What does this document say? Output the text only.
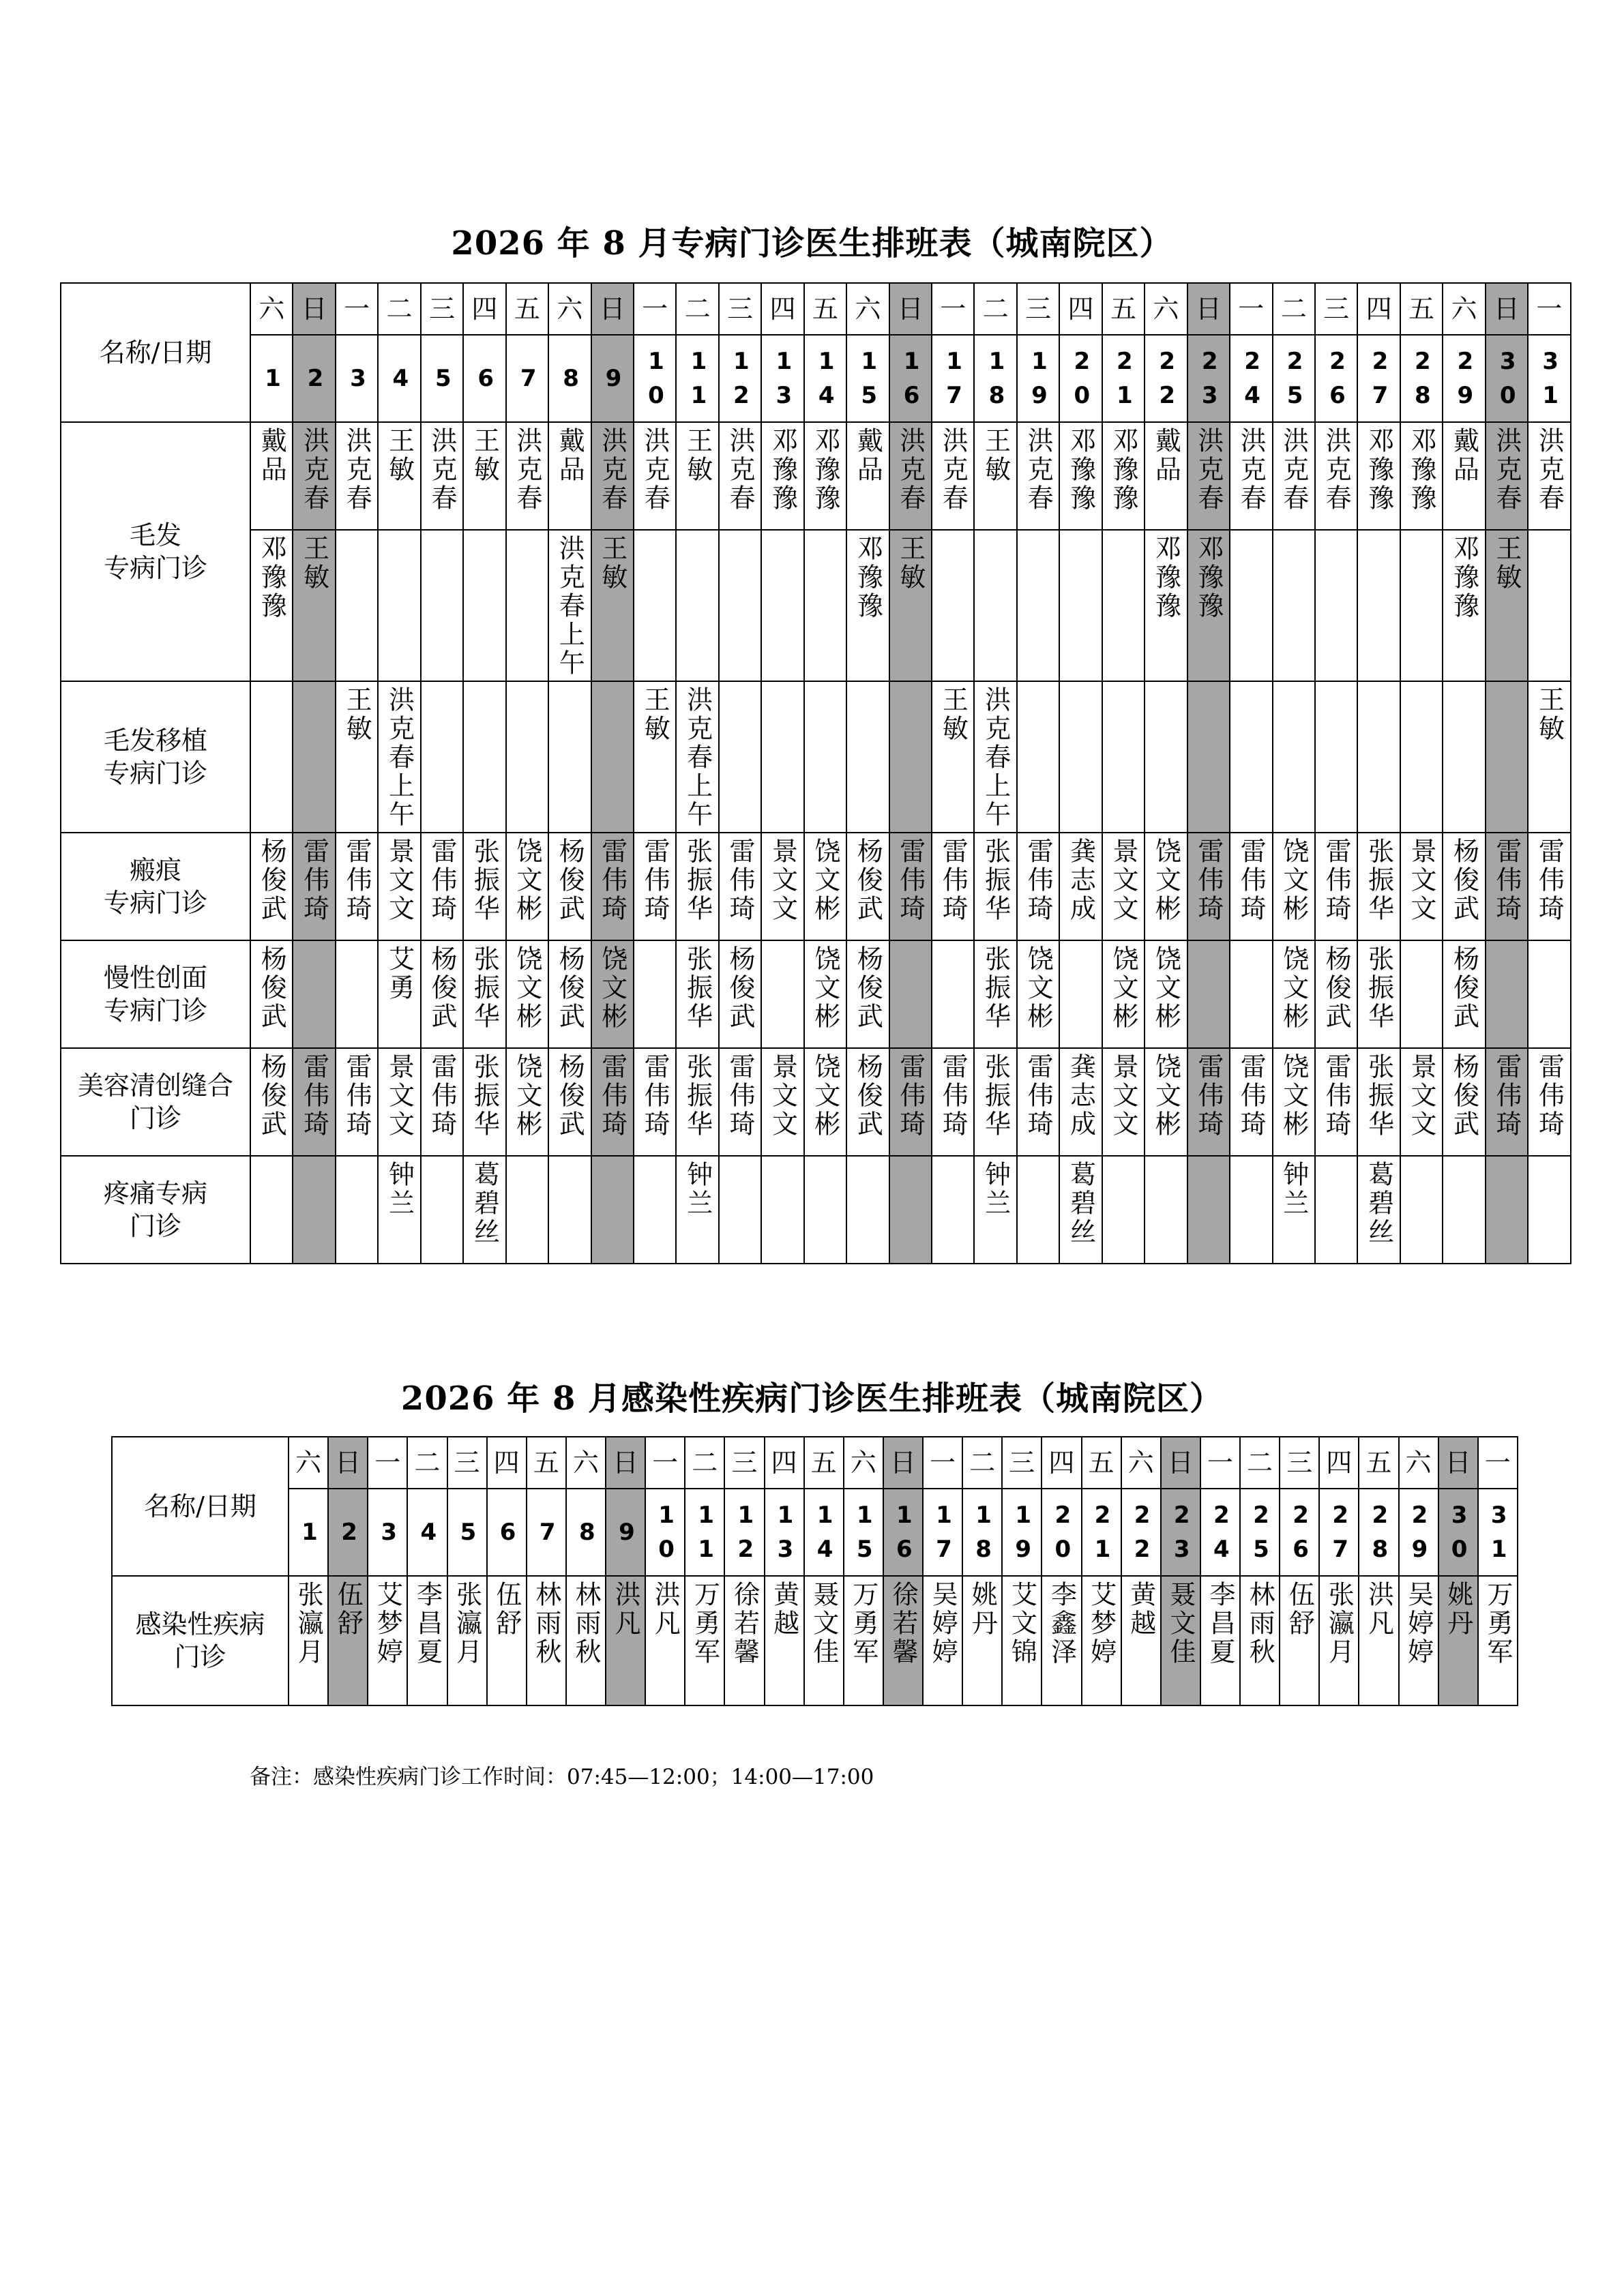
2026 年 8 月专病门诊医生排班表（城南院区）
名称/日期	六	日	一	二	三	四	五	六	日	一	二	三	四	五	六	日	一	二	三	四	五	六	日	一	二	三	四	五	六	日	一
	1	2	3	4	5	6	7	8	9	10	11	12	13	14	15	16	17	18	19	20	21	22	23	24	25	26	27	28	29	30	31
毛发
专病门诊	戴品	洪克春	洪克春	王敏	洪克春	王敏	洪克春	戴品	洪克春	洪克春	王敏	洪克春	邓豫豫	邓豫豫	戴品	洪克春	洪克春	王敏	洪克春	邓豫豫	邓豫豫	戴品	洪克春	洪克春	洪克春	洪克春	邓豫豫	邓豫豫	戴品	洪克春	洪克春
	邓豫豫	王敏						洪克春上午	王敏						邓豫豫	王敏						邓豫豫	邓豫豫						邓豫豫	王敏	
毛发移植
专病门诊			王敏	洪克春上午						王敏	洪克春上午						王敏	洪克春上午													王敏
瘢痕
专病门诊	杨俊武	雷伟琦	雷伟琦	景文文	雷伟琦	张振华	饶文彬	杨俊武	雷伟琦	雷伟琦	张振华	雷伟琦	景文文	饶文彬	杨俊武	雷伟琦	雷伟琦	张振华	雷伟琦	龚志成	景文文	饶文彬	雷伟琦	雷伟琦	饶文彬	雷伟琦	张振华	景文文	杨俊武	雷伟琦	雷伟琦
慢性创面
专病门诊	杨俊武			艾勇	杨俊武	张振华	饶文彬	杨俊武	饶文彬		张振华	杨俊武		饶文彬	杨俊武			张振华	饶文彬		饶文彬	饶文彬			饶文彬	杨俊武	张振华		杨俊武		
美容清创缝合
门诊	杨俊武	雷伟琦	雷伟琦	景文文	雷伟琦	张振华	饶文彬	杨俊武	雷伟琦	雷伟琦	张振华	雷伟琦	景文文	饶文彬	杨俊武	雷伟琦	雷伟琦	张振华	雷伟琦	龚志成	景文文	饶文彬	雷伟琦	雷伟琦	饶文彬	雷伟琦	张振华	景文文	杨俊武	雷伟琦	雷伟琦
疼痛专病
门诊				钟兰		葛碧丝					钟兰							钟兰		葛碧丝					钟兰		葛碧丝				
2026 年 8 月感染性疾病门诊医生排班表（城南院区）
名称/日期	六	日	一	二	三	四	五	六	日	一	二	三	四	五	六	日	一	二	三	四	五	六	日	一	二	三	四	五	六	日	一
	1	2	3	4	5	6	7	8	9	10	11	12	13	14	15	16	17	18	19	20	21	22	23	24	25	26	27	28	29	30	31
感染性疾病
门诊	张瀛月	伍舒	艾梦婷	李昌夏	张瀛月	伍舒	林雨秋	林雨秋	洪凡	洪凡	万勇军	徐若馨	黄越	聂文佳	万勇军	徐若馨	吴婷婷	姚丹	艾文锦	李鑫泽	艾梦婷	黄越	聂文佳	李昌夏	林雨秋	伍舒	张瀛月	洪凡	吴婷婷	姚丹	万勇军
备注：感染性疾病门诊工作时间：07:45—12:00；14:00—17:00
